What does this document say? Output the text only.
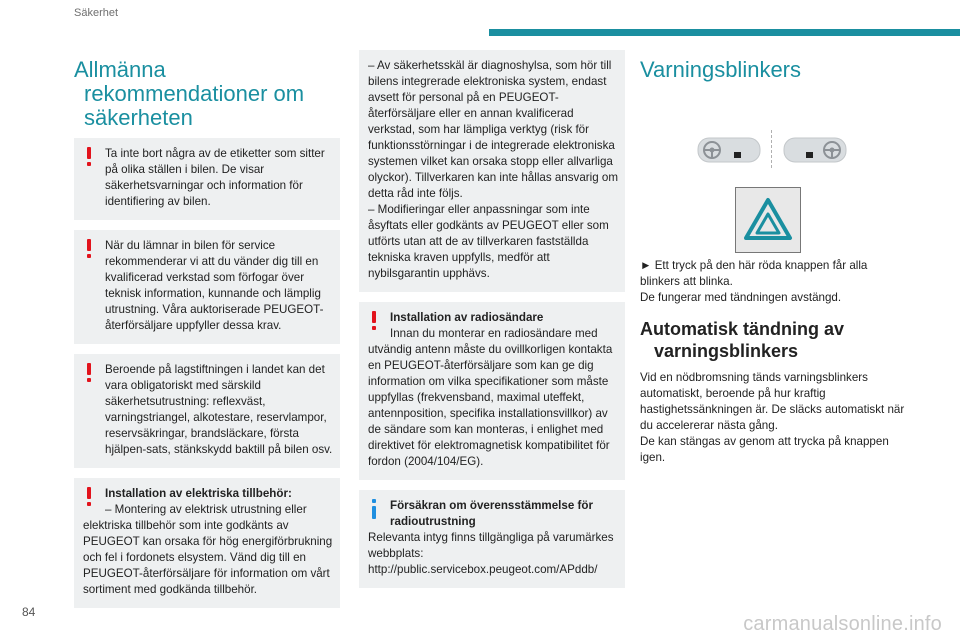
Säkerhet
Allmänna rekommendationer om säkerheten

Ta inte bort några av de etiketter som sitter på olika ställen i bilen. De visar säkerhetsvarningar och information för identifiering av bilen.

När du lämnar in bilen för service rekommenderar vi att du vänder dig till en kvalificerad verkstad som förfogar över teknisk information, kunnande och lämplig utrustning. Våra auktoriserade PEUGEOT-återförsäljare uppfyller dessa krav.

Beroende på lagstiftningen i landet kan det vara obligatoriskt med särskild säkerhetsutrustning: reflexväst, varningstriangel, alkotestare, reservlampor, reservsäkringar, brandsläckare, första hjälpen-sats, stänkskydd baktill på bilen osv.

Installation av elektriska tillbehör:

– Montering av elektrisk utrustning eller elektriska tillbehör som inte godkänts av PEUGEOT kan orsaka för hög energiförbrukning och fel i fordonets elsystem. Vänd dig till en PEUGEOT-återförsäljare för information om vårt sortiment med godkända tillbehör.

– Av säkerhetsskäl är diagnoshylsa, som hör till bilens integrerade elektroniska system, endast avsett för personal på en PEUGEOT-återförsäljare eller en annan kvalificerad verkstad, som har lämpliga verktyg (risk för funktionsstörningar i de integrerade elektroniska systemen vilket kan orsaka stopp eller allvarliga olyckor). Tillverkaren kan inte hållas ansvarig om detta råd inte följs.

– Modifieringar eller anpassningar som inte åsyftats eller godkänts av PEUGEOT eller som utförts utan att de av tillverkaren fastställda tekniska kraven uppfylls, medför att nybilsgarantin upphävs.

Installation av radiosändare

Innan du monterar en radiosändare med utvändig antenn måste du ovillkorligen kontakta en PEUGEOT-återförsäljare som kan ge dig information om vilka specifikationer som måste uppfyllas (frekvensband, maximal uteffekt, antennposition, specifika installationsvillkor) av de sändare som kan monteras, i enlighet med direktivet för elektromagnetisk kompatibilitet för fordon (2004/104/EG).

Försäkran om överensstämmelse för radioutrustning

Relevanta intyg finns tillgängliga på varumärkes webbplats:

http://public.servicebox.peugeot.com/APddb/

Varningsblinkers

► Ett tryck på den här röda knappen får alla blinkers att blinka.

De fungerar med tändningen avstängd.

Automatisk tändning av varningsblinkers

Vid en nödbromsning tänds varningsblinkers automatiskt, beroende på hur kraftig hastighetssänkningen är. De släcks automatiskt när du accelererar nästa gång.

De kan stängas av genom att trycka på knappen igen.

84
carmanualsonline.info
